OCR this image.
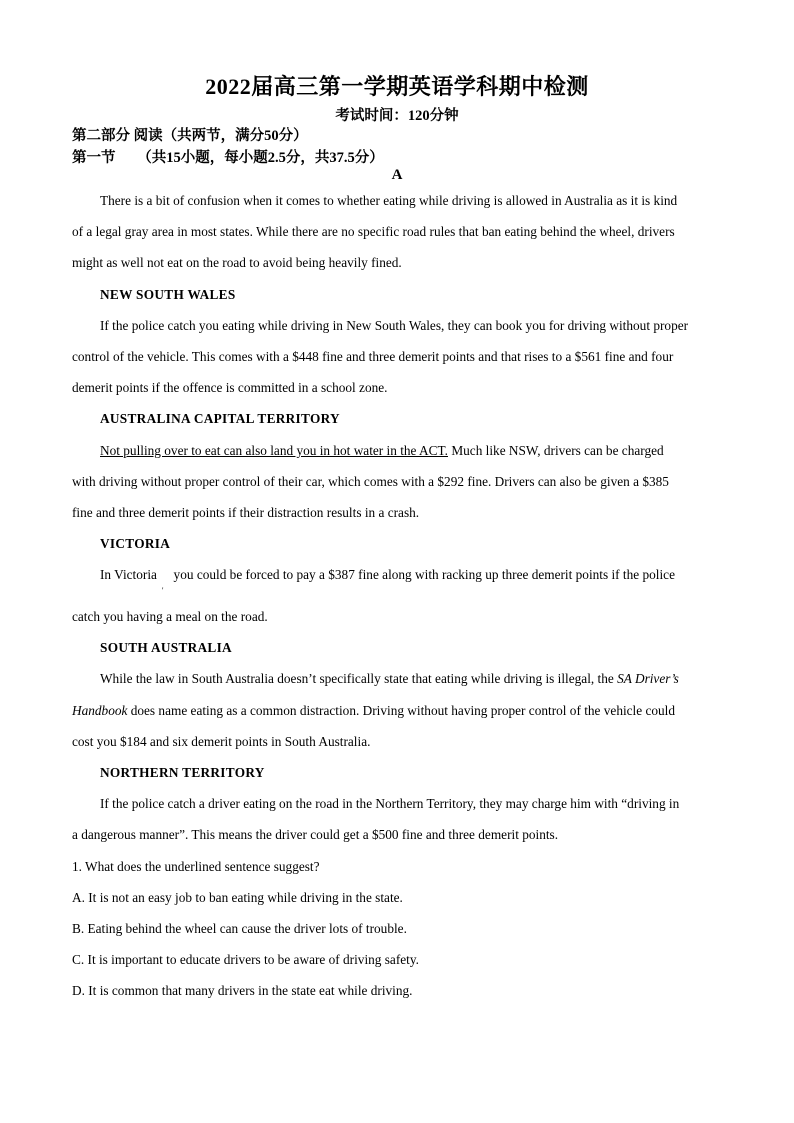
2022届高三第一学期英语学科期中检测
考试时间：120分钟
第二部分 阅读（共两节，满分50分）
第一节      （共15小题，每小题2.5分，共37.5分）
A
There is a bit of confusion when it comes to whether eating while driving is allowed in Australia as it is kind
of a legal gray area in most states. While there are no specific road rules that ban eating behind the wheel, drivers
might as well not eat on the road to avoid being heavily fined.
NEW SOUTH WALES
If the police catch you eating while driving in New South Wales, they can book you for driving without proper
control of the vehicle. This comes with a $448 fine and three demerit points and that rises to a $561 fine and four
demerit points if the offence is committed in a school zone.
AUSTRALINA CAPITAL TERRITORY
Not pulling over to eat can also land you in hot water in the ACT. Much like NSW, drivers can be charged
with driving without proper control of their car, which comes with a $292 fine. Drivers can also be given a $385
fine and three demerit points if their distraction results in a crash.
VICTORIA
In Victoria     you could be forced to pay a $387 fine along with racking up three demerit points if the police
'
catch you having a meal on the road.
SOUTH AUSTRALIA
While the law in South Australia doesn’t specifically state that eating while driving is illegal, the SA Driver’s
Handbook does name eating as a common distraction. Driving without having proper control of the vehicle could
cost you $184 and six demerit points in South Australia.
NORTHERN TERRITORY
If the police catch a driver eating on the road in the Northern Territory, they may charge him with “driving in
a dangerous manner”. This means the driver could get a $500 fine and three demerit points.
1. What does the underlined sentence suggest?
A. It is not an easy job to ban eating while driving in the state.
B. Eating behind the wheel can cause the driver lots of trouble.
C. It is important to educate drivers to be aware of driving safety.
D. It is common that many drivers in the state eat while driving.
